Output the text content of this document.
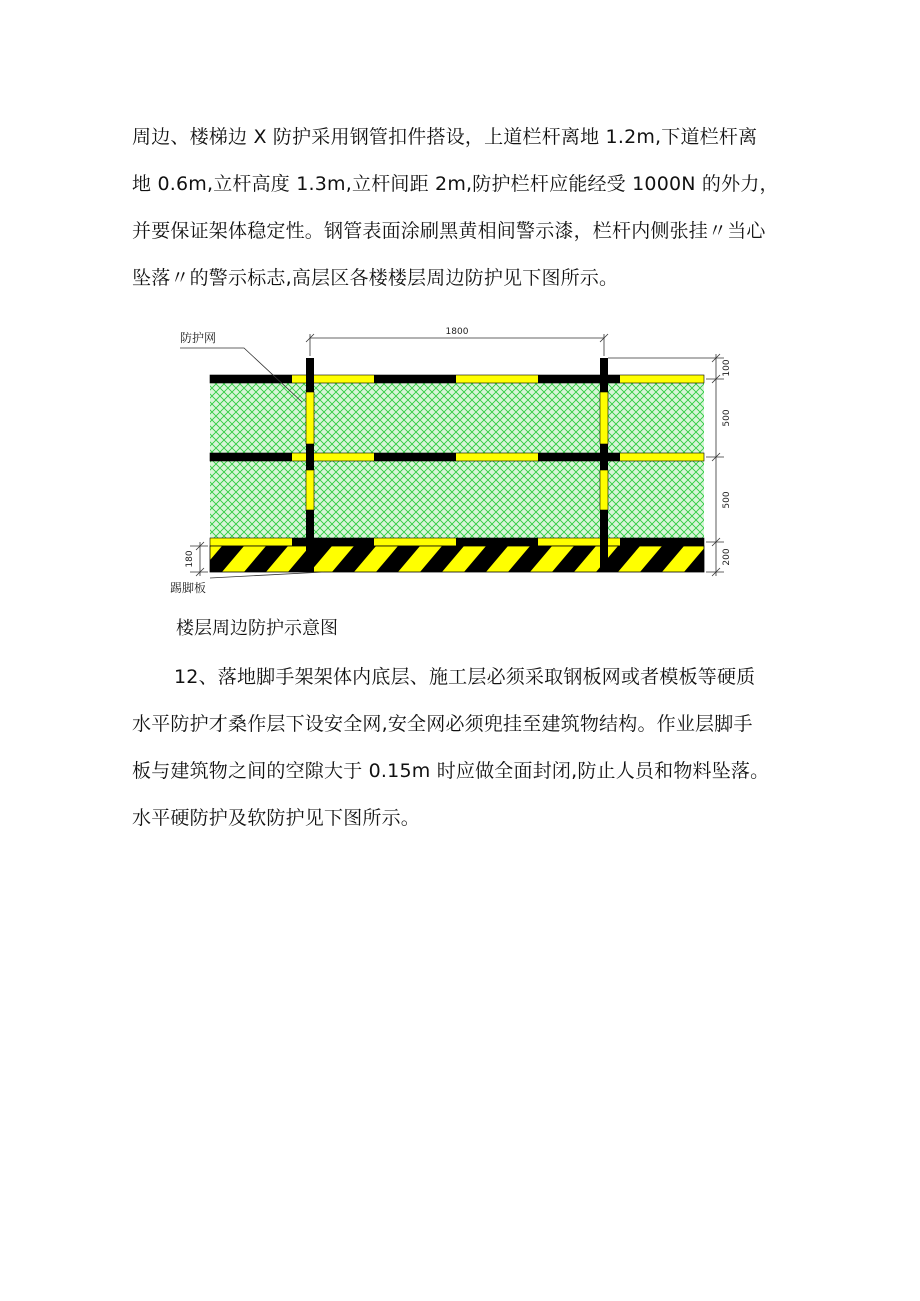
周边、楼梯边 X 防护采用钢管扣件搭设，上道栏杆离地 1.2m,下道栏杆离
地 0.6m,立杆高度 1.3m,立杆间距 2m,防护栏杆应能经受 1000N 的外力，
并要保证架体稳定性。钢管表面涂刷黑黄相间警示漆，栏杆内侧张挂〃当心
坠落〃的警示标志,高层区各楼楼层周边防护见下图所示。
1800
100
500
500
200
180
防护网
踢脚板
楼层周边防护示意图
12、落地脚手架架体内底层、施工层必须采取钢板网或者模板等硬质
水平防护才桑作层下设安全网,安全网必须兜挂至建筑物结构。作业层脚手
板与建筑物之间的空隙大于 0.15m 时应做全面封闭,防止人员和物料坠落。
水平硬防护及软防护见下图所示。
